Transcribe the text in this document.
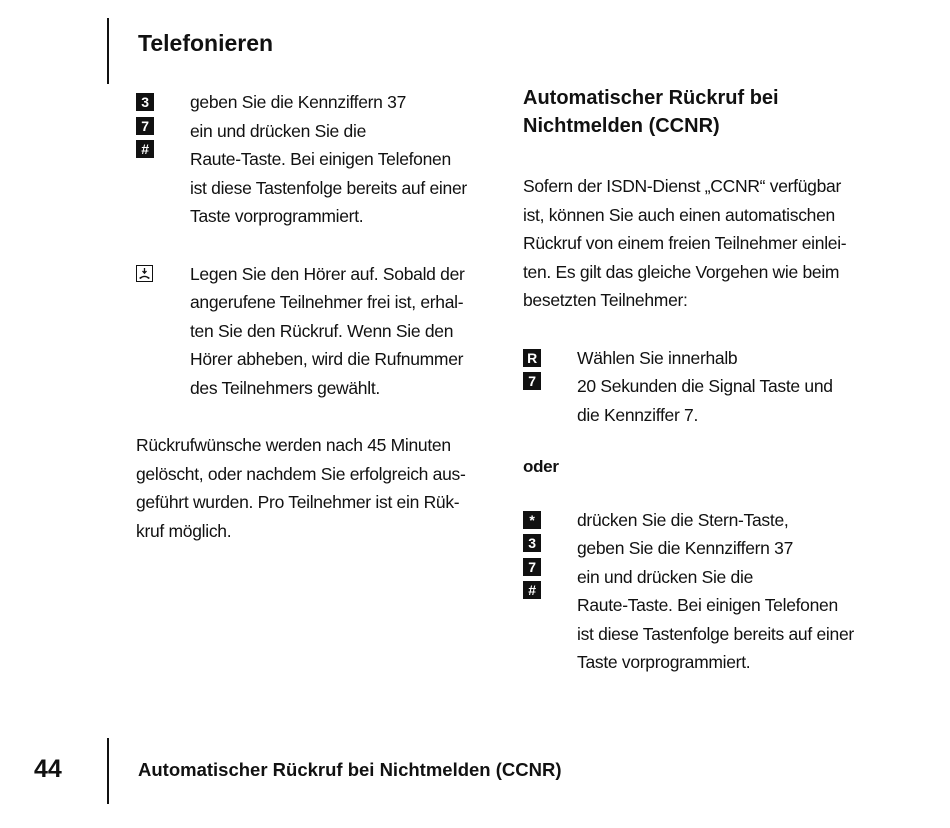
Telefonieren
3
7
#
geben Sie die Kennziffern 37
ein und drücken Sie die
Raute-Taste. Bei einigen Telefonen
ist diese Tastenfolge bereits auf einer
Taste vorprogrammiert.
Legen Sie den Hörer auf. Sobald der
angerufene Teilnehmer frei ist, erhal-
ten Sie den Rückruf. Wenn Sie den
Hörer abheben, wird die Rufnummer
des Teilnehmers gewählt.
Rückrufwünsche werden nach 45 Minuten
gelöscht, oder nachdem Sie erfolgreich aus-
geführt wurden. Pro Teilnehmer ist ein Rük-
kruf möglich.
Automatischer Rückruf bei
Nichtmelden (CCNR)
Sofern der ISDN-Dienst „CCNR“ verfügbar
ist, können Sie auch einen automatischen
Rückruf von einem freien Teilnehmer einlei-
ten. Es gilt das gleiche Vorgehen wie beim
besetzten Teilnehmer:
R
7
Wählen Sie innerhalb
20 Sekunden die Signal Taste und
die Kennziffer 7.
oder
*
3
7
#
drücken Sie die Stern-Taste,
geben Sie die Kennziffern 37
ein und drücken Sie die
Raute-Taste. Bei einigen Telefonen
ist diese Tastenfolge bereits auf einer
Taste vorprogrammiert.
44	Automatischer Rückruf bei Nichtmelden (CCNR)
